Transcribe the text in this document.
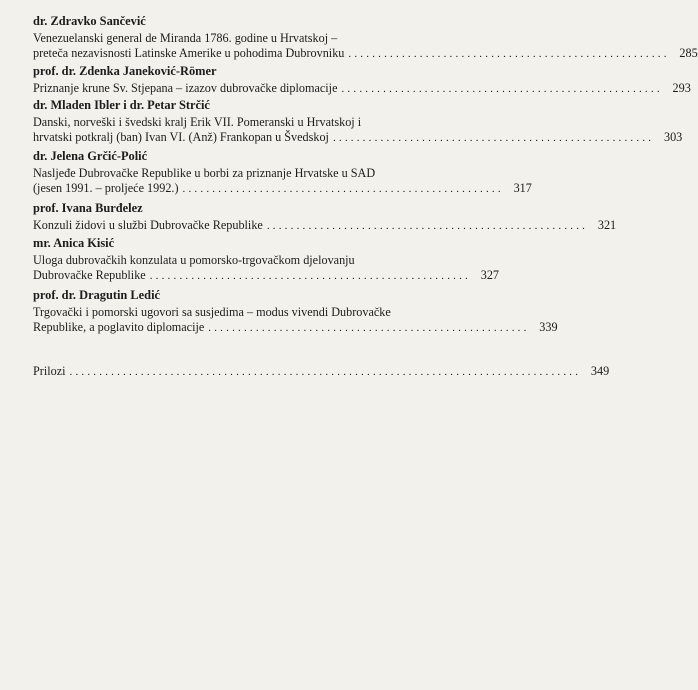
dr. Zdravko Sančević
Venezuelanski general de Miranda 1786. godine u Hrvatskoj –
preteča nezavisnosti Latinske Amerike u pohodima Dubrovniku ...................................................... 285
prof. dr. Zdenka Janeković-Römer
Priznanje krune Sv. Stjepana – izazov dubrovačke diplomacije ...................................................... 293
dr. Mladen Ibler i dr. Petar Strčić
Danski, norveški i švedski kralj Erik VII. Pomeranski u Hrvatskoj i
hrvatski potkralj (ban) Ivan VI. (Anž) Frankopan u Švedskoj ...................................................... 303
dr. Jelena Grčić-Polić
Nasljeđe Dubrovačke Republike u borbi za priznanje Hrvatske u SAD
(jesen 1991. – proljeće 1992.) ...................................................... 317
prof. Ivana Burđelez
Konzuli židovi u službi Dubrovačke Republike ...................................................... 321
mr. Anica Kisić
Uloga dubrovačkih konzulata u pomorsko-trgovačkom djelovanju
Dubrovačke Republike ...................................................... 327
prof. dr. Dragutin Ledić
Trgovački i pomorski ugovori sa susjedima – modus vivendi Dubrovačke
Republike, a poglavito diplomacije ...................................................... 339
Prilozi ...................................................................................... 349
